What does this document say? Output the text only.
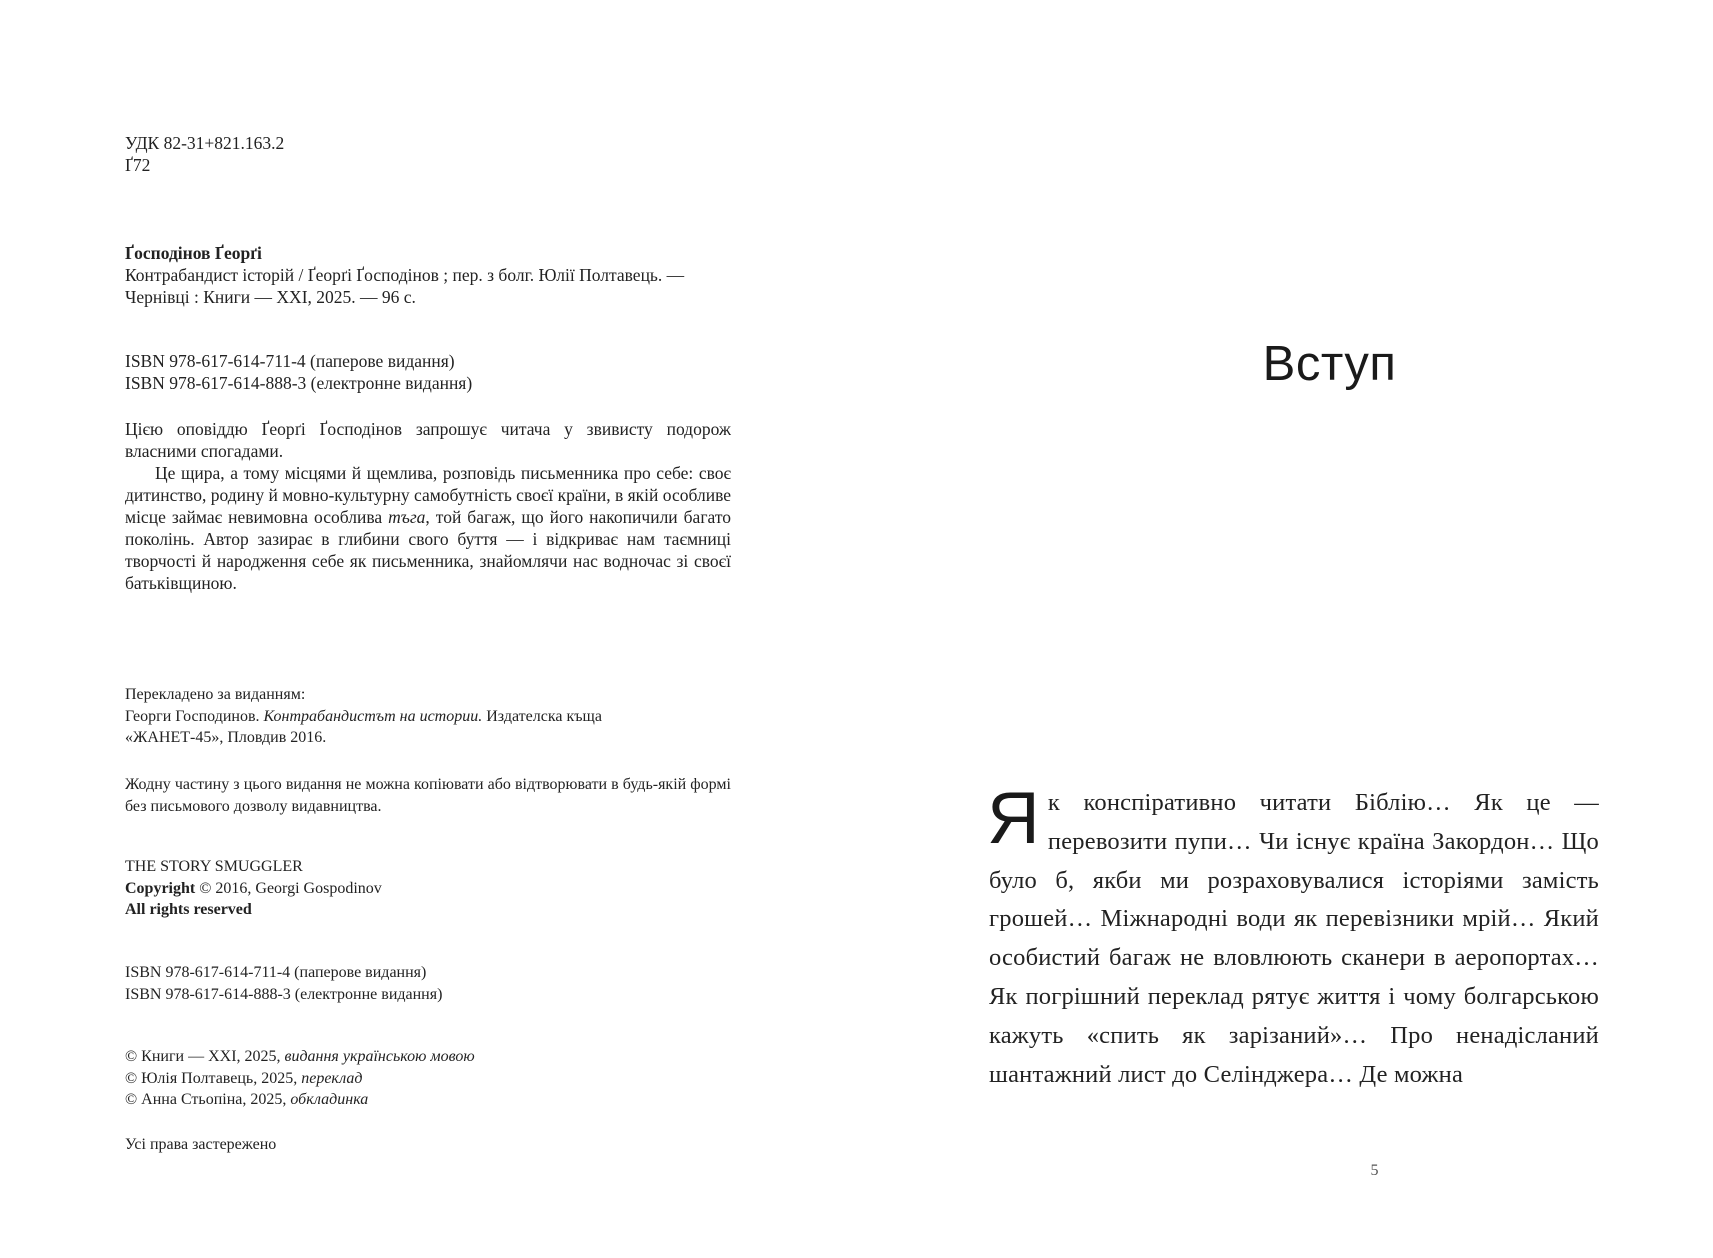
УДК 82-31+821.163.2

Ґ72

Ґосподінов Ґеорґі

Контрабандист історій / Ґеорґі Ґосподінов ; пер. з болг. Юлії Полтавець. — Чернівці : Книги — ХХІ, 2025. — 96 с.

ISBN 978-617-614-711-4 (паперове видання)

ISBN 978-617-614-888-3 (електронне видання)

Цією оповіддю Ґеорґі Ґосподінов запрошує читача у звивисту подорож власними спогадами.

Це щира, а тому місцями й щемлива, розповідь письменника про себе: своє дитинство, родину й мовно-культурну самобутність своєї країни, в якій особливе місце займає невимовна особлива тъга, той багаж, що його накопичили багато поколінь. Автор зазирає в глибини свого буття — і відкриває нам таємниці творчості й народження себе як письменника, знайомлячи нас водночас зі своєї батьківщиною.

Перекладено за виданням:

Георги Господинов. Контрабандистът на истории. Издателска къща

«ЖАНЕТ-45», Пловдив 2016.

Жодну частину з цього видання не можна копіювати або відтворювати в будь-якій формі без письмового дозволу видавництва.

THE STORY SMUGGLER

Copyright © 2016, Georgi Gospodinov

All rights reserved

ISBN 978-617-614-711-4 (паперове видання)

ISBN 978-617-614-888-3 (електронне видання)

© Книги — ХХІ, 2025, видання українською мовою

© Юлія Полтавець, 2025, переклад

© Анна Стьопіна, 2025, обкладинка

Усі права застережено
Вступ

Я к конспіративно читати Біблію… Як це — перевозити пупи… Чи існує країна Закордон… Що було б, якби ми розраховувалися історіями замість грошей… Міжнародні води як перевізники мрій… Який особистий багаж не вловлюють сканери в аеропортах… Як погрішний переклад рятує життя і чому болгарською кажуть «спить як зарізаний»… Про ненадісланий шантажний лист до Селінджера… Де можна

5
